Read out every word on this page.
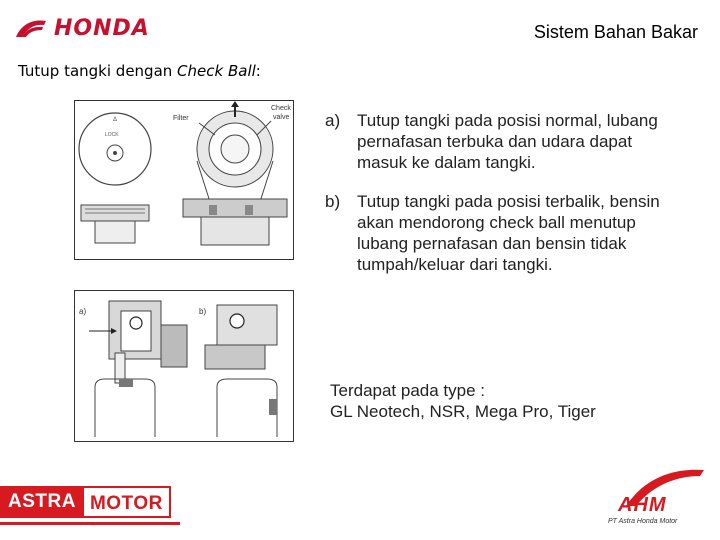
HONDA	Sistem Bahan Bakar
Tutup tangki dengan Check Ball:
LOCK
Δ	Filter
Check
valve
a)	b)
a) Tutup tangki pada posisi normal, lubang pernafasan terbuka dan udara dapat masuk ke dalam tangki.
b) Tutup tangki pada posisi terbalik, bensin akan mendorong check ball menutup lubang pernafasan dan bensin tidak tumpah/keluar dari tangki.
Terdapat pada type :
GL Neotech, NSR, Mega Pro, Tiger
ASTRA MOTOR	AHM
PT Astra Honda Motor
